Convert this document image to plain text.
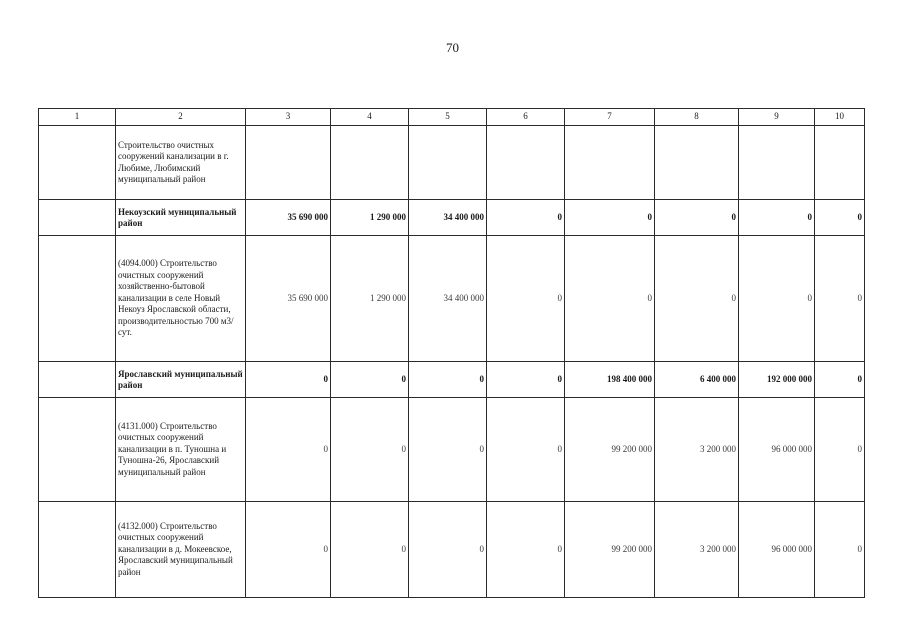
70
1	2	3	4	5	6	7	8	9	10
	Строительство очистных сооружений канализации в г. Любиме, Любимский муниципальный район								
	Некоузский муниципальный район	35 690 000	1 290 000	34 400 000	0	0	0	0	0
	(4094.000) Строительство очистных сооружений хозяйственно-бытовой канализации в селе Новый Некоуз Ярославской области, производительностью 700 м3/сут.	35 690 000	1 290 000	34 400 000	0	0	0	0	0
	Ярославский муниципальный район	0	0	0	0	198 400 000	6 400 000	192 000 000	0
	(4131.000) Строительство очистных сооружений канализации в п. Туношна и Туношна-26, Ярославский муниципальный район	0	0	0	0	99 200 000	3 200 000	96 000 000	0
	(4132.000) Строительство очистных сооружений канализации в д. Мокеевское, Ярославский муниципальный район	0	0	0	0	99 200 000	3 200 000	96 000 000	0
